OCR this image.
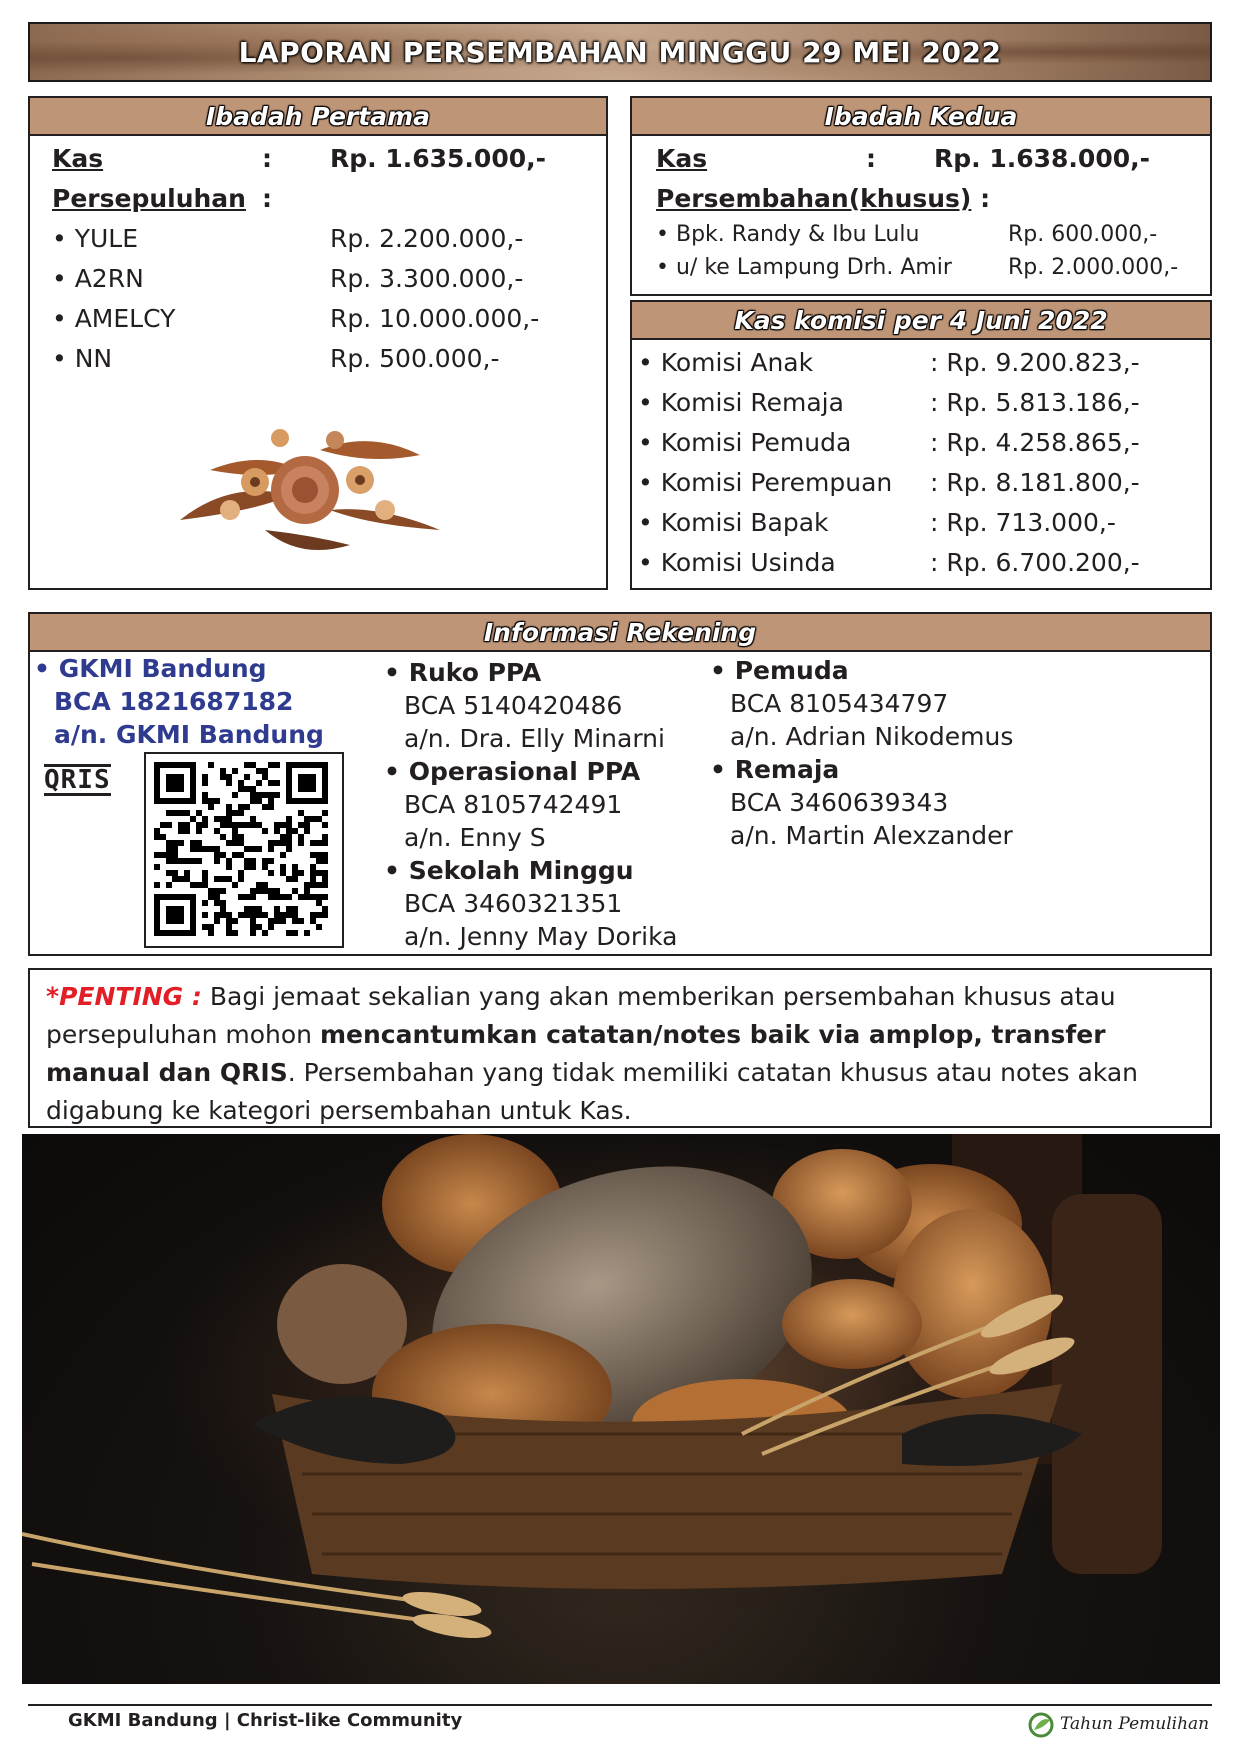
LAPORAN PERSEMBAHAN MINGGU 29 MEI 2022
Ibadah Pertama
Kas	: Rp. 1.635.000,-
Persepuluhan :
• YULE	Rp. 2.200.000,-
• A2RN	Rp. 3.300.000,-
• AMELCY	Rp. 10.000.000,-
• NN	Rp. 500.000,-
Ibadah Kedua
Kas	: Rp. 1.638.000,-
Persembahan(khusus) :
• Bpk. Randy & Ibu Lulu	Rp. 600.000,-
• u/ ke Lampung Drh. Amir	Rp. 2.000.000,-
Kas komisi per 4 Juni 2022
• Komisi Anak	: Rp. 9.200.823,-
• Komisi Remaja	: Rp. 5.813.186,-
• Komisi Pemuda	: Rp. 4.258.865,-
• Komisi Perempuan : Rp. 8.181.800,-
• Komisi Bapak	: Rp. 713.000,-
• Komisi Usinda	: Rp. 6.700.200,-
Informasi Rekening
• GKMI Bandung
BCA 1821687182
a/n. GKMI Bandung
QRIS
• Ruko PPA
BCA 5140420486
a/n. Dra. Elly Minarni
• Operasional PPA
BCA 8105742491
a/n. Enny S
• Sekolah Minggu
BCA 3460321351
a/n. Jenny May Dorika
• Pemuda
BCA 8105434797
a/n. Adrian Nikodemus
• Remaja
BCA 3460639343
a/n. Martin Alexzander
*PENTING : Bagi jemaat sekalian yang akan memberikan persembahan khusus atau persepuluhan mohon mencantumkan catatan/notes baik via amplop, transfer manual dan QRIS. Persembahan yang tidak memiliki catatan khusus atau notes akan digabung ke kategori persembahan untuk Kas.
GKMI Bandung | Christ-like Community	Tahun Pemulihan
